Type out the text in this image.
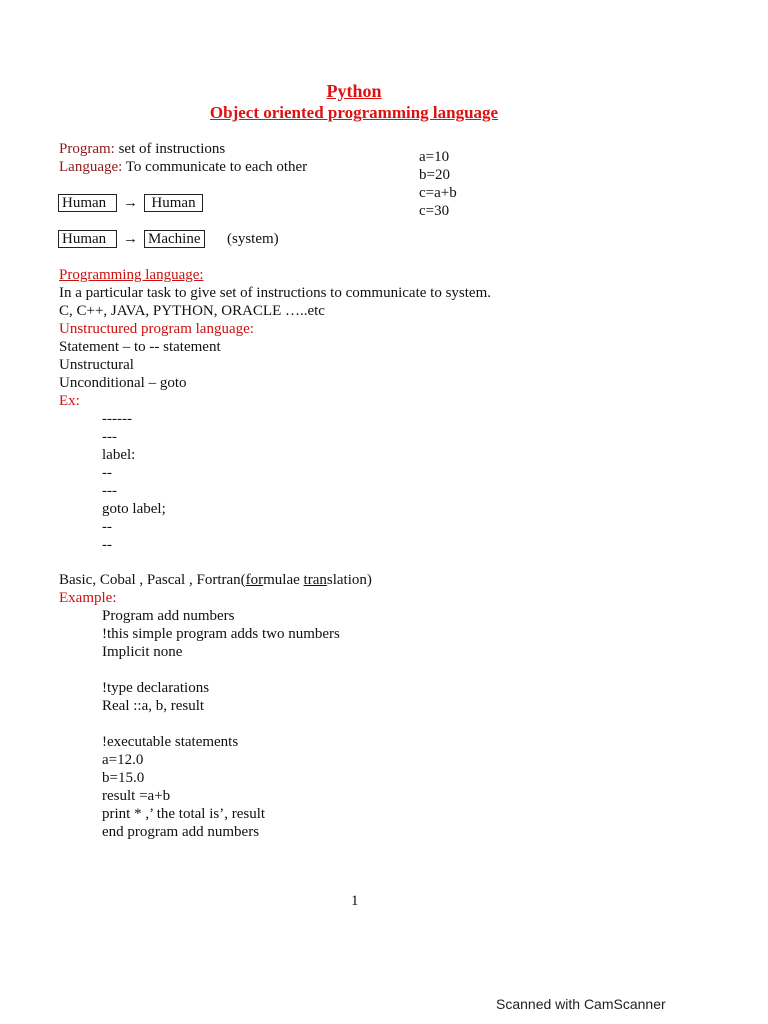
Python
Object oriented programming language
Program: set of instructions
Language: To communicate to each other
a=10
b=20
c=a+b
c=30
Human → Human
Human → Machine (system)
Programming language:
In a particular task to give set of instructions to communicate to system.
C, C++, JAVA, PYTHON, ORACLE …..etc
Unstructured program language:
Statement – to -- statement
Unstructural
Unconditional – goto
Ex:
------
---
label:
--
---
goto label;
--
--
Basic, Cobal , Pascal , Fortran(formulae translation)
Example:
Program add numbers
!this simple program adds two numbers
Implicit none
!type declarations
Real ::a, b, result
!executable statements
a=12.0
b=15.0
result =a+b
print * ,’ the total is’, result
end program add numbers
1
Scanned with CamScanner
